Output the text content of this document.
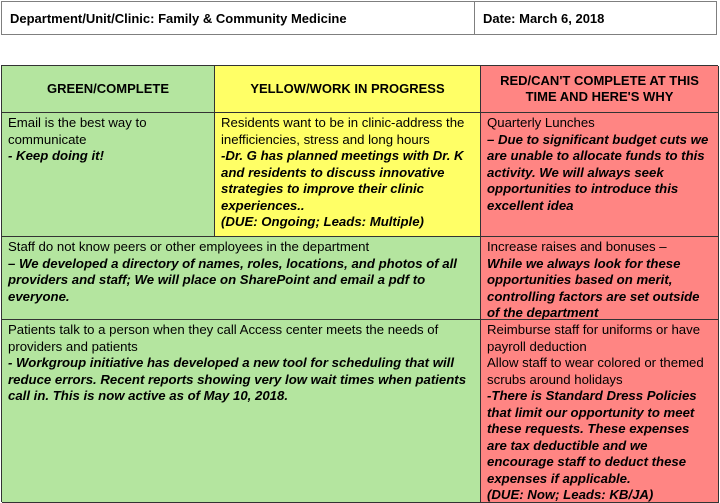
Department/Unit/Clinic: Family & Community Medicine	Date: March 6, 2018
GREEN/COMPLETE	YELLOW/WORK IN PROGRESS
RED/CAN'T COMPLETE AT THIS TIME AND HERE'S WHY
Email is the best way to communicate
- Keep doing it!
Residents want to be in clinic-address the inefficiencies, stress and long hours
-Dr. G has planned meetings with Dr. K and residents to discuss innovative strategies to improve their clinic experiences..
(DUE: Ongoing; Leads: Multiple)
Quarterly Lunches
– Due to significant budget cuts we are unable to allocate funds to this activity. We will always seek opportunities to introduce this excellent idea
Staff do not know peers or other employees in the department
– We developed a directory of names, roles, locations, and photos of all providers and staff; We will place on SharePoint and email a pdf to everyone.
Increase raises and bonuses –
While we always look for these opportunities based on merit, controlling factors are set outside of the department
Patients talk to a person when they call Access center meets the needs of providers and patients
- Workgroup initiative has developed a new tool for scheduling that will reduce errors. Recent reports showing very low wait times when patients call in. This is now active as of May 10, 2018.
Reimburse staff for uniforms or have payroll deduction
Allow staff to wear colored or themed scrubs around holidays
-There is Standard Dress Policies that limit our opportunity to meet these requests. These expenses are tax deductible and we encourage staff to deduct these expenses if applicable.
(DUE: Now; Leads: KB/JA)
